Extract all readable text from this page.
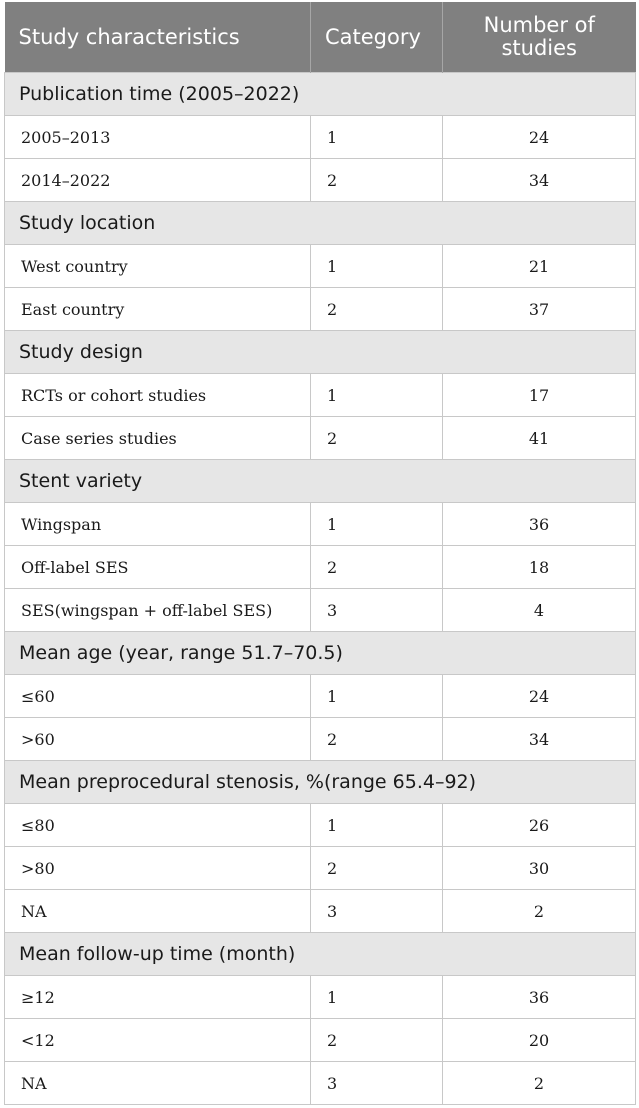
Study characteristics	Category	Number of
studies
Publication time (2005–2022)		
2005–2013	1	24
2014–2022	2	34
Study location		
West country	1	21
East country	2	37
Study design		
RCTs or cohort studies	1	17
Case series studies	2	41
Stent variety		
Wingspan	1	36
Off-label SES	2	18
SES(wingspan + off-label SES)	3	4
Mean age (year, range 51.7–70.5)		
≤60	1	24
>60	2	34
Mean preprocedural stenosis, %(range 65.4–92)		
≤80	1	26
>80	2	30
NA	3	2
Mean follow-up time (month)		
≥12	1	36
<12	2	20
NA	3	2
